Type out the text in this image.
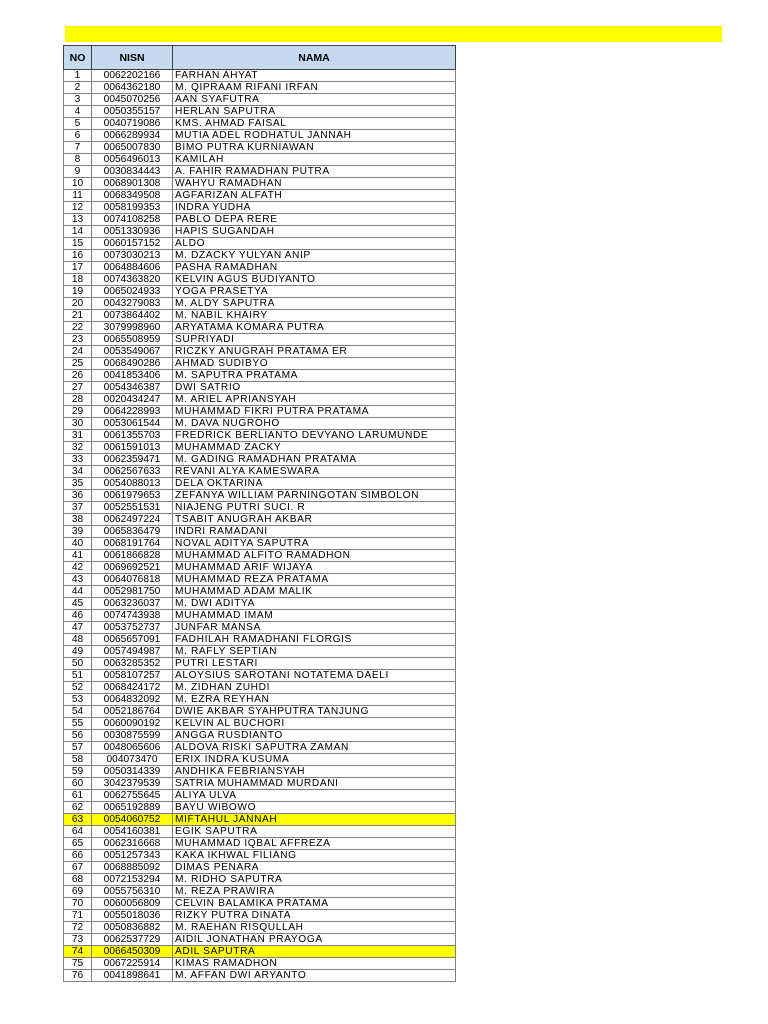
NO	NISN	NAMA
1	0062202166	FARHAN AHYAT
2	0064362180	M. QIPRAAM RIFANI IRFAN
3	0045070256	AAN SYAFUTRA
4	0050355157	HERLAN SAPUTRA
5	0040719086	KMS. AHMAD FAISAL
6	0066289934	MUTIA ADEL RODHATUL JANNAH
7	0065007830	BIMO PUTRA KURNIAWAN
8	0056496013	KAMILAH
9	0030834443	A. FAHIR RAMADHAN PUTRA
10	0068901308	WAHYU RAMADHAN
11	0068349508	AGFARIZAN ALFATH
12	0058199353	INDRA YUDHA
13	0074108258	PABLO DEPA RERE
14	0051330936	HAPIS SUGANDAH
15	0060157152	ALDO
16	0073030213	M. DZACKY YULYAN ANIP
17	0064884606	PASHA RAMADHAN
18	0074363820	KELVIN AGUS BUDIYANTO
19	0065024933	YOGA PRASETYA
20	0043279083	M. ALDY SAPUTRA
21	0073864402	M. NABIL KHAIRY
22	3079998960	ARYATAMA KOMARA PUTRA
23	0065508959	SUPRIYADI
24	0053549067	RICZKY ANUGRAH PRATAMA ER
25	0068490286	AHMAD SUDIBYO
26	0041853406	M. SAPUTRA PRATAMA
27	0054346387	DWI SATRIO
28	0020434247	M. ARIEL APRIANSYAH
29	0064228993	MUHAMMAD FIKRI PUTRA PRATAMA
30	0053061544	M. DAVA NUGROHO
31	0061355703	FREDRICK BERLIANTO DEVYANO LARUMUNDE
32	0061591013	MUHAMMAD ZACKY
33	0062359471	M. GADING RAMADHAN PRATAMA
34	0062567633	REVANI ALYA KAMESWARA
35	0054088013	DELA OKTARINA
36	0061979653	ZEFANYA WILLIAM PARNINGOTAN SIMBOLON
37	0052551531	NIAJENG PUTRI SUCI. R
38	0062497224	TSABIT ANUGRAH AKBAR
39	0065836479	INDRI RAMADANI
40	0068191764	NOVAL ADITYA SAPUTRA
41	0061866828	MUHAMMAD ALFITO RAMADHON
42	0069692521	MUHAMMAD ARIF WIJAYA
43	0064076818	MUHAMMAD REZA PRATAMA
44	0052981750	MUHAMMAD ADAM MALIK
45	0063236037	M. DWI ADITYA
46	0074743938	MUHAMMAD IMAM
47	0053752737	JUNFAR MANSA
48	0065657091	FADHILAH RAMADHANI FLORGIS
49	0057494987	M. RAFLY SEPTIAN
50	0063285352	PUTRI LESTARI
51	0058107257	ALOYSIUS SAROTANI NOTATEMA DAELI
52	0068424172	M. ZIDHAN ZUHDI
53	0064832092	M. EZRA REYHAN
54	0052186764	DWIE AKBAR SYAHPUTRA TANJUNG
55	0060090192	KELVIN AL BUCHORI
56	0030875599	ANGGA RUSDIANTO
57	0048065606	ALDOVA RISKI SAPUTRA ZAMAN
58	004073470	ERIX INDRA KUSUMA
59	0050314339	ANDHIKA FEBRIANSYAH
60	3042379539	SATRIA MUHAMMAD MURDANI
61	0062755645	ALIYA ULVA
62	0065192889	BAYU WIBOWO
63	0054060752	MIFTAHUL JANNAH
64	0054160381	EGIK SAPUTRA
65	0062316668	MUHAMMAD IQBAL AFFREZA
66	0051257343	KAKA IKHWAL FILIANG
67	0068885092	DIMAS PENARA
68	0072153294	M. RIDHO SAPUTRA
69	0055756310	M. REZA PRAWIRA
70	0060056809	CELVIN BALAMIKA PRATAMA
71	0055018036	RIZKY PUTRA DINATA
72	0050836882	M. RAEHAN RISQULLAH
73	0062537729	AIDIL JONATHAN PRAYOGA
74	0066450309	ADIL SAPUTRA
75	0067225914	KIMAS RAMADHON
76	0041898641	M. AFFAN DWI ARYANTO
